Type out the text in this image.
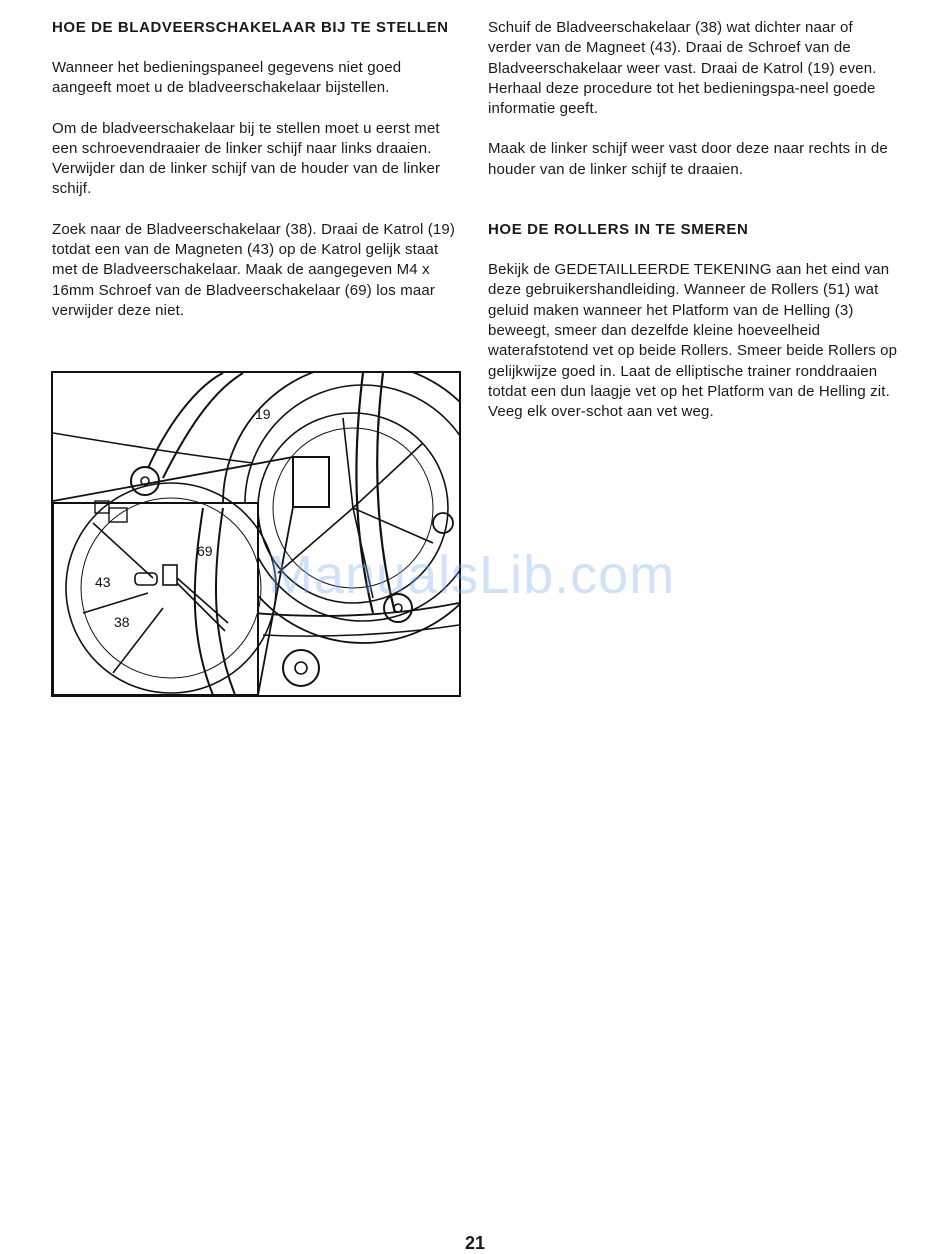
HOE DE BLADVEERSCHAKELAAR BIJ TE STELLEN

Wanneer het bedieningspaneel gegevens niet goed aangeeft moet u de bladveerschakelaar bijstellen.

Om de bladveerschakelaar bij te stellen moet u eerst met een schroevendraaier de linker schijf naar links draaien. Verwijder dan de linker schijf van de houder van de linker schijf.

Zoek naar de Bladveerschakelaar (38). Draai de Katrol (19) totdat een van de Magneten (43) op de Katrol gelijk staat met de Bladveerschakelaar. Maak de aangegeven M4 x 16mm Schroef van de Bladveerschakelaar (69) los maar verwijder deze niet.

19
69
43
38

Schuif de Bladveerschakelaar (38) wat dichter naar of verder van de Magneet (43). Draai de Schroef van de Bladveerschakelaar weer vast. Draai de Katrol (19) even. Herhaal deze procedure tot het bedieningspa-neel goede informatie geeft.

Maak de linker schijf weer vast door deze naar rechts in de houder van de linker schijf te draaien.

HOE DE ROLLERS IN TE SMEREN

Bekijk de GEDETAILLEERDE TEKENING aan het eind van deze gebruikershandleiding. Wanneer de Rollers (51) wat geluid maken wanneer het Platform van de Helling (3) beweegt, smeer dan dezelfde kleine hoeveelheid waterafstotend vet op beide Rollers. Smeer beide Rollers op gelijkwijze goed in. Laat de elliptische trainer ronddraaien totdat een dun laagje vet op het Platform van de Helling zit. Veeg elk over-schot aan vet weg.

ManualsLib.com
21
